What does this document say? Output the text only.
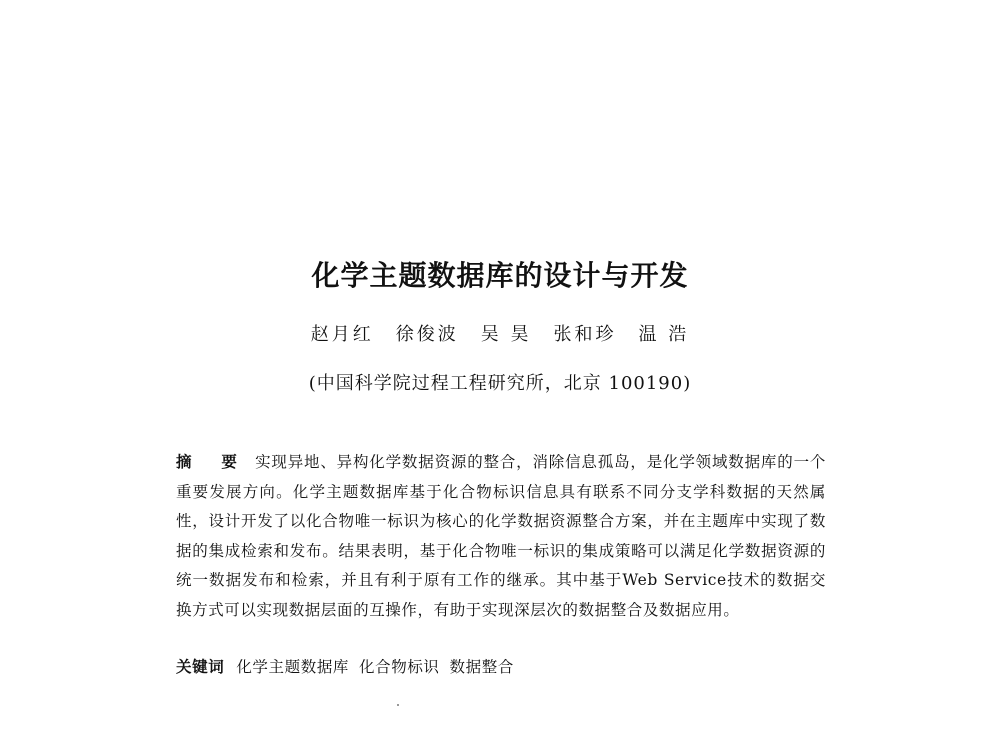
化学主题数据库的设计与开发
赵月红 徐俊波 吴 昊 张和珍 温 浩
(中国科学院过程工程研究所，北京 100190)

摘 要 实现异地、异构化学数据资源的整合，消除信息孤岛，是化学领域数据库的一个重要发展方向。化学主题数据库基于化合物标识信息具有联系不同分支学科数据的天然属性，设计开发了以化合物唯一标识为核心的化学数据资源整合方案，并在主题库中实现了数据的集成检索和发布。结果表明，基于化合物唯一标识的集成策略可以满足化学数据资源的统一数据发布和检索，并且有利于原有工作的继承。其中基于Web Service技术的数据交换方式可以实现数据层面的互操作，有助于实现深层次的数据整合及数据应用。

关键词 化学主题数据库 化合物标识 数据整合
